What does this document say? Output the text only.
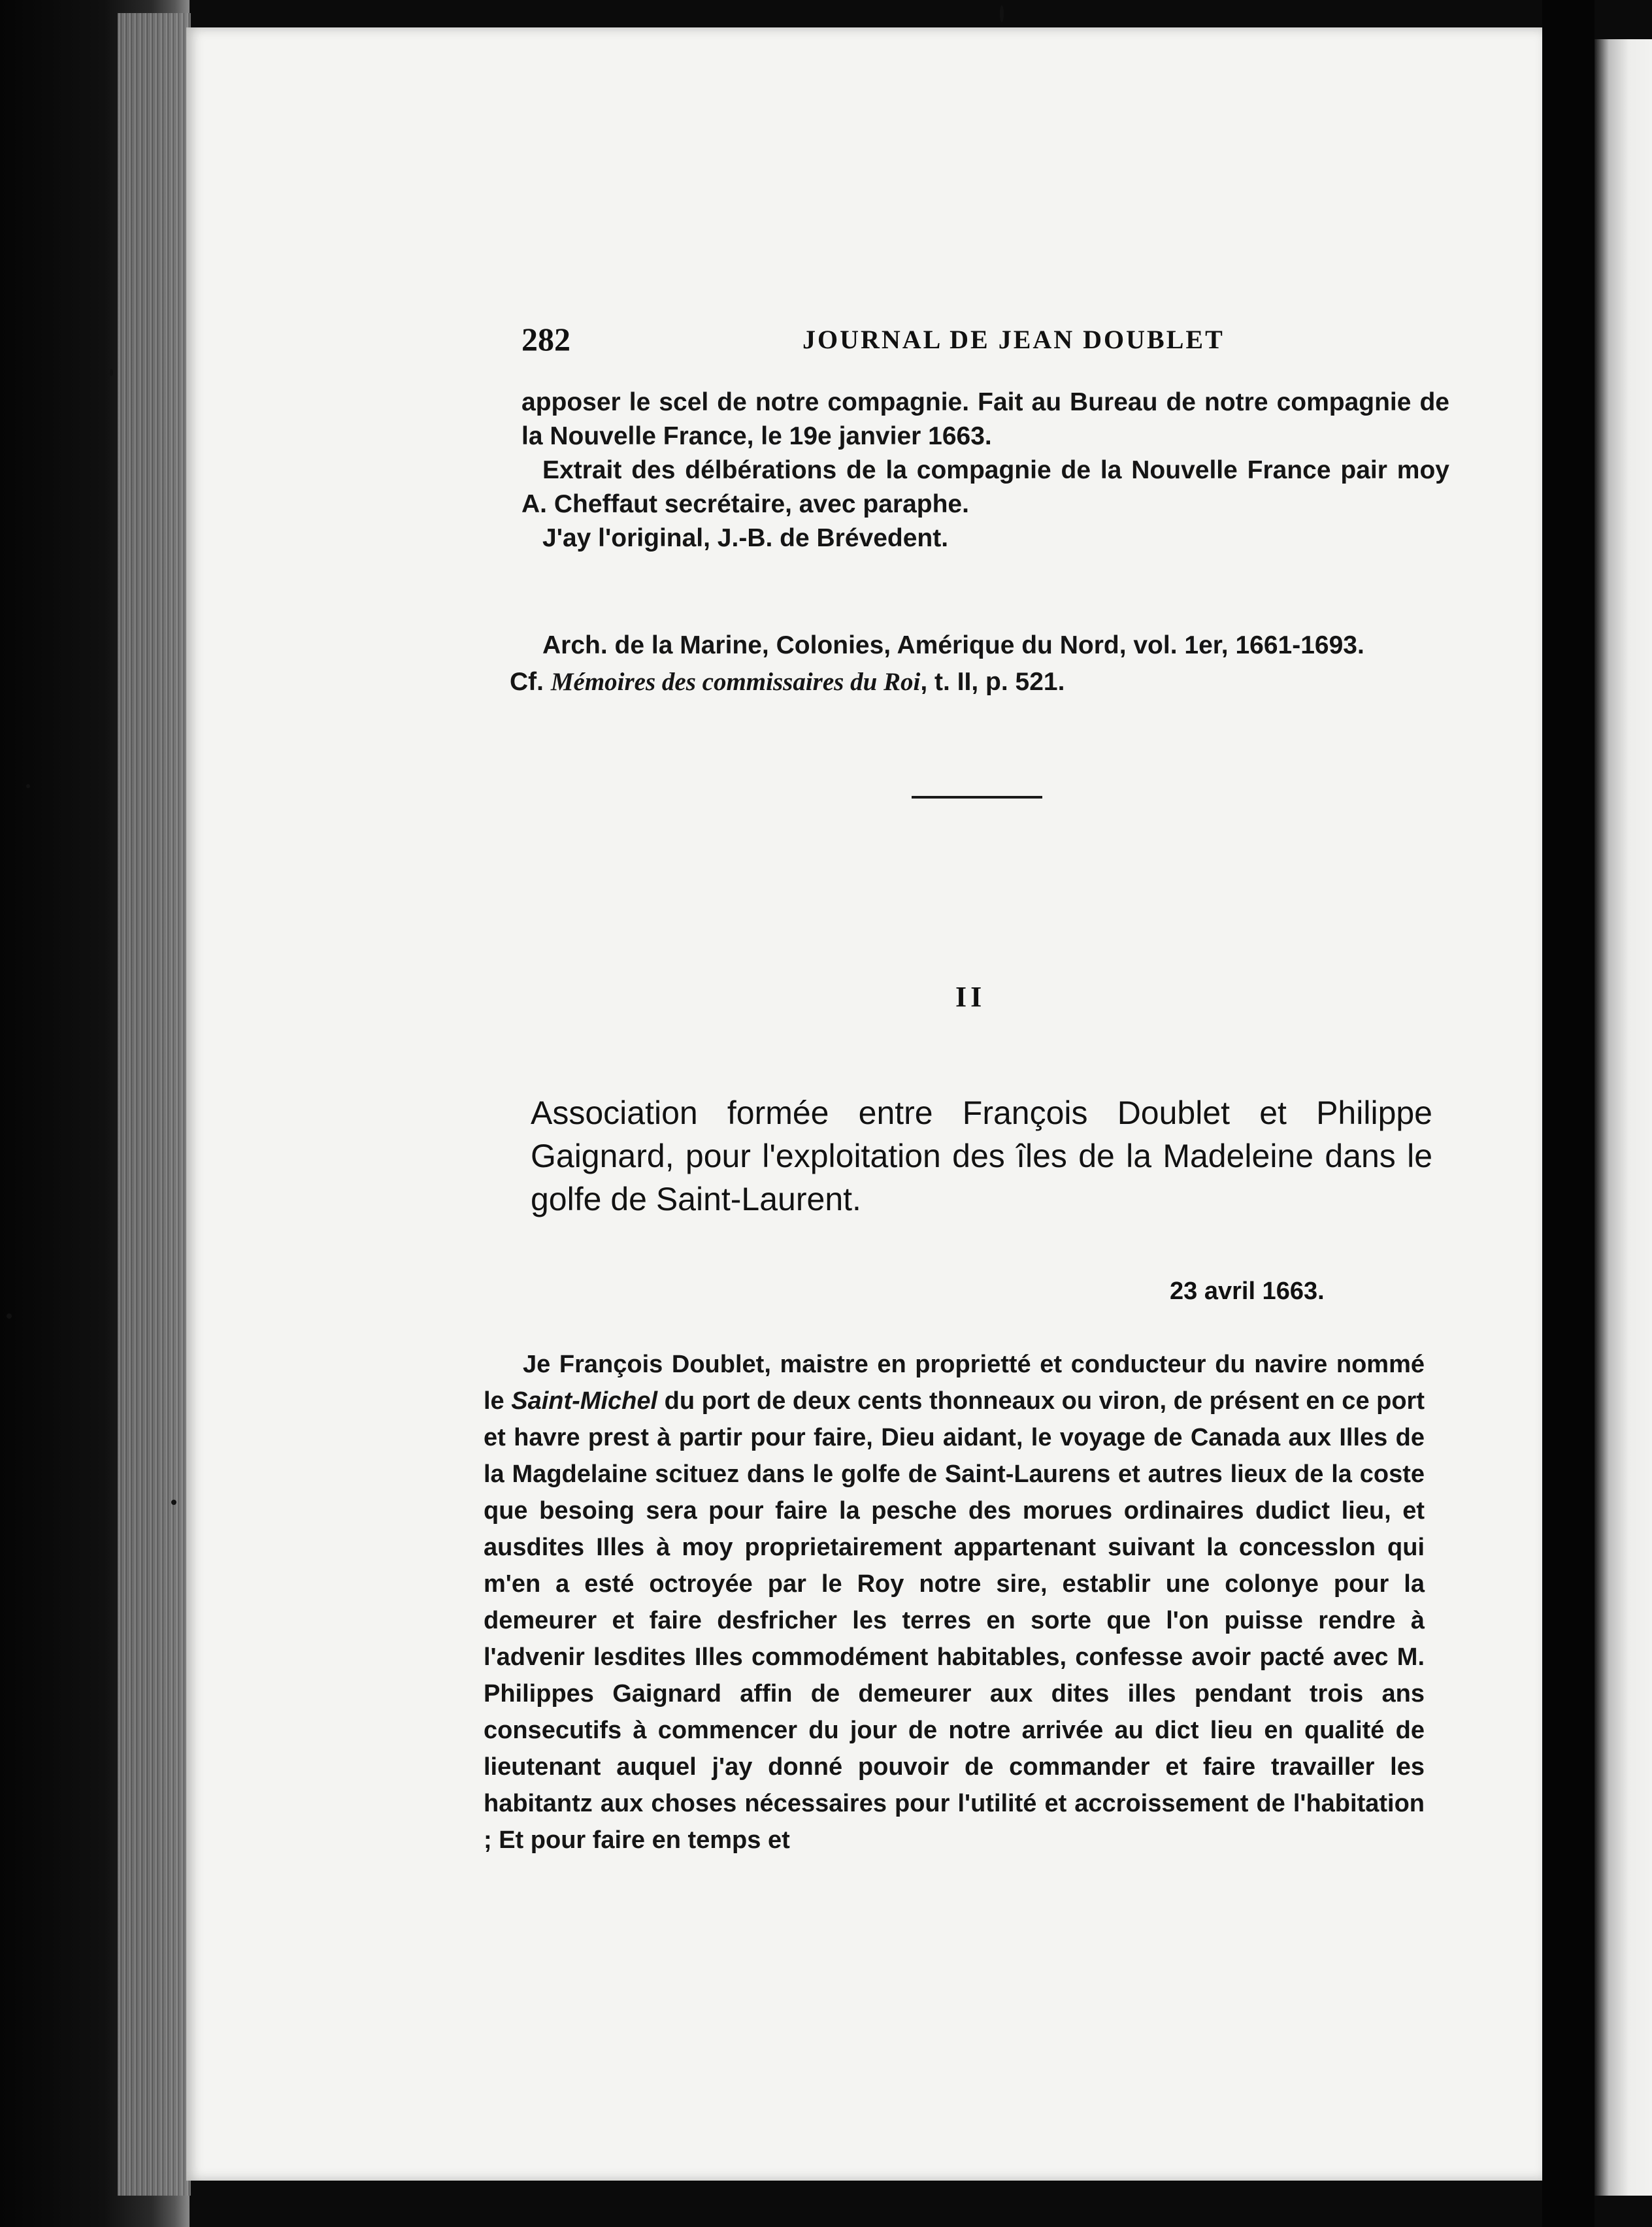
282	JOURNAL DE JEAN DOUBLET

apposer le scel de notre compagnie. Fait au Bureau de notre compagnie de la Nouvelle France, le 19e janvier 1663.

Extrait des délbérations de la compagnie de la Nouvelle France pair moy A. Cheffaut secrétaire, avec paraphe.

J'ay l'original, J.-B. de Brévedent.

Arch. de la Marine, Colonies, Amérique du Nord, vol. 1er, 1661-1693.

Cf. Mémoires des commissaires du Roi, t. II, p. 521.

II

Association formée entre François Doublet et Philippe Gaignard, pour l'exploitation des îles de la Madeleine dans le golfe de Saint-Laurent.

23 avril 1663.

Je François Doublet, maistre en proprietté et conducteur du navire nommé le Saint-Michel du port de deux cents thonneaux ou viron, de présent en ce port et havre prest à partir pour faire, Dieu aidant, le voyage de Canada aux Illes de la Magdelaine scituez dans le golfe de Saint-Laurens et autres lieux de la coste que besoing sera pour faire la pesche des morues ordinaires dudict lieu, et ausdites Illes à moy proprietairement appartenant suivant la concesslon qui m'en a esté octroyée par le Roy notre sire, establir une colonye pour la demeurer et faire desfricher les terres en sorte que l'on puisse rendre à l'advenir lesdites Illes commodément habitables, confesse avoir pacté avec M. Philippes Gaignard affin de demeurer aux dites illes pendant trois ans consecutifs à commencer du jour de notre arrivée au dict lieu en qualité de lieutenant auquel j'ay donné pouvoir de commander et faire travailler les habitantz aux choses nécessaires pour l'utilité et accroissement de l'habitation ; Et pour faire en temps et
